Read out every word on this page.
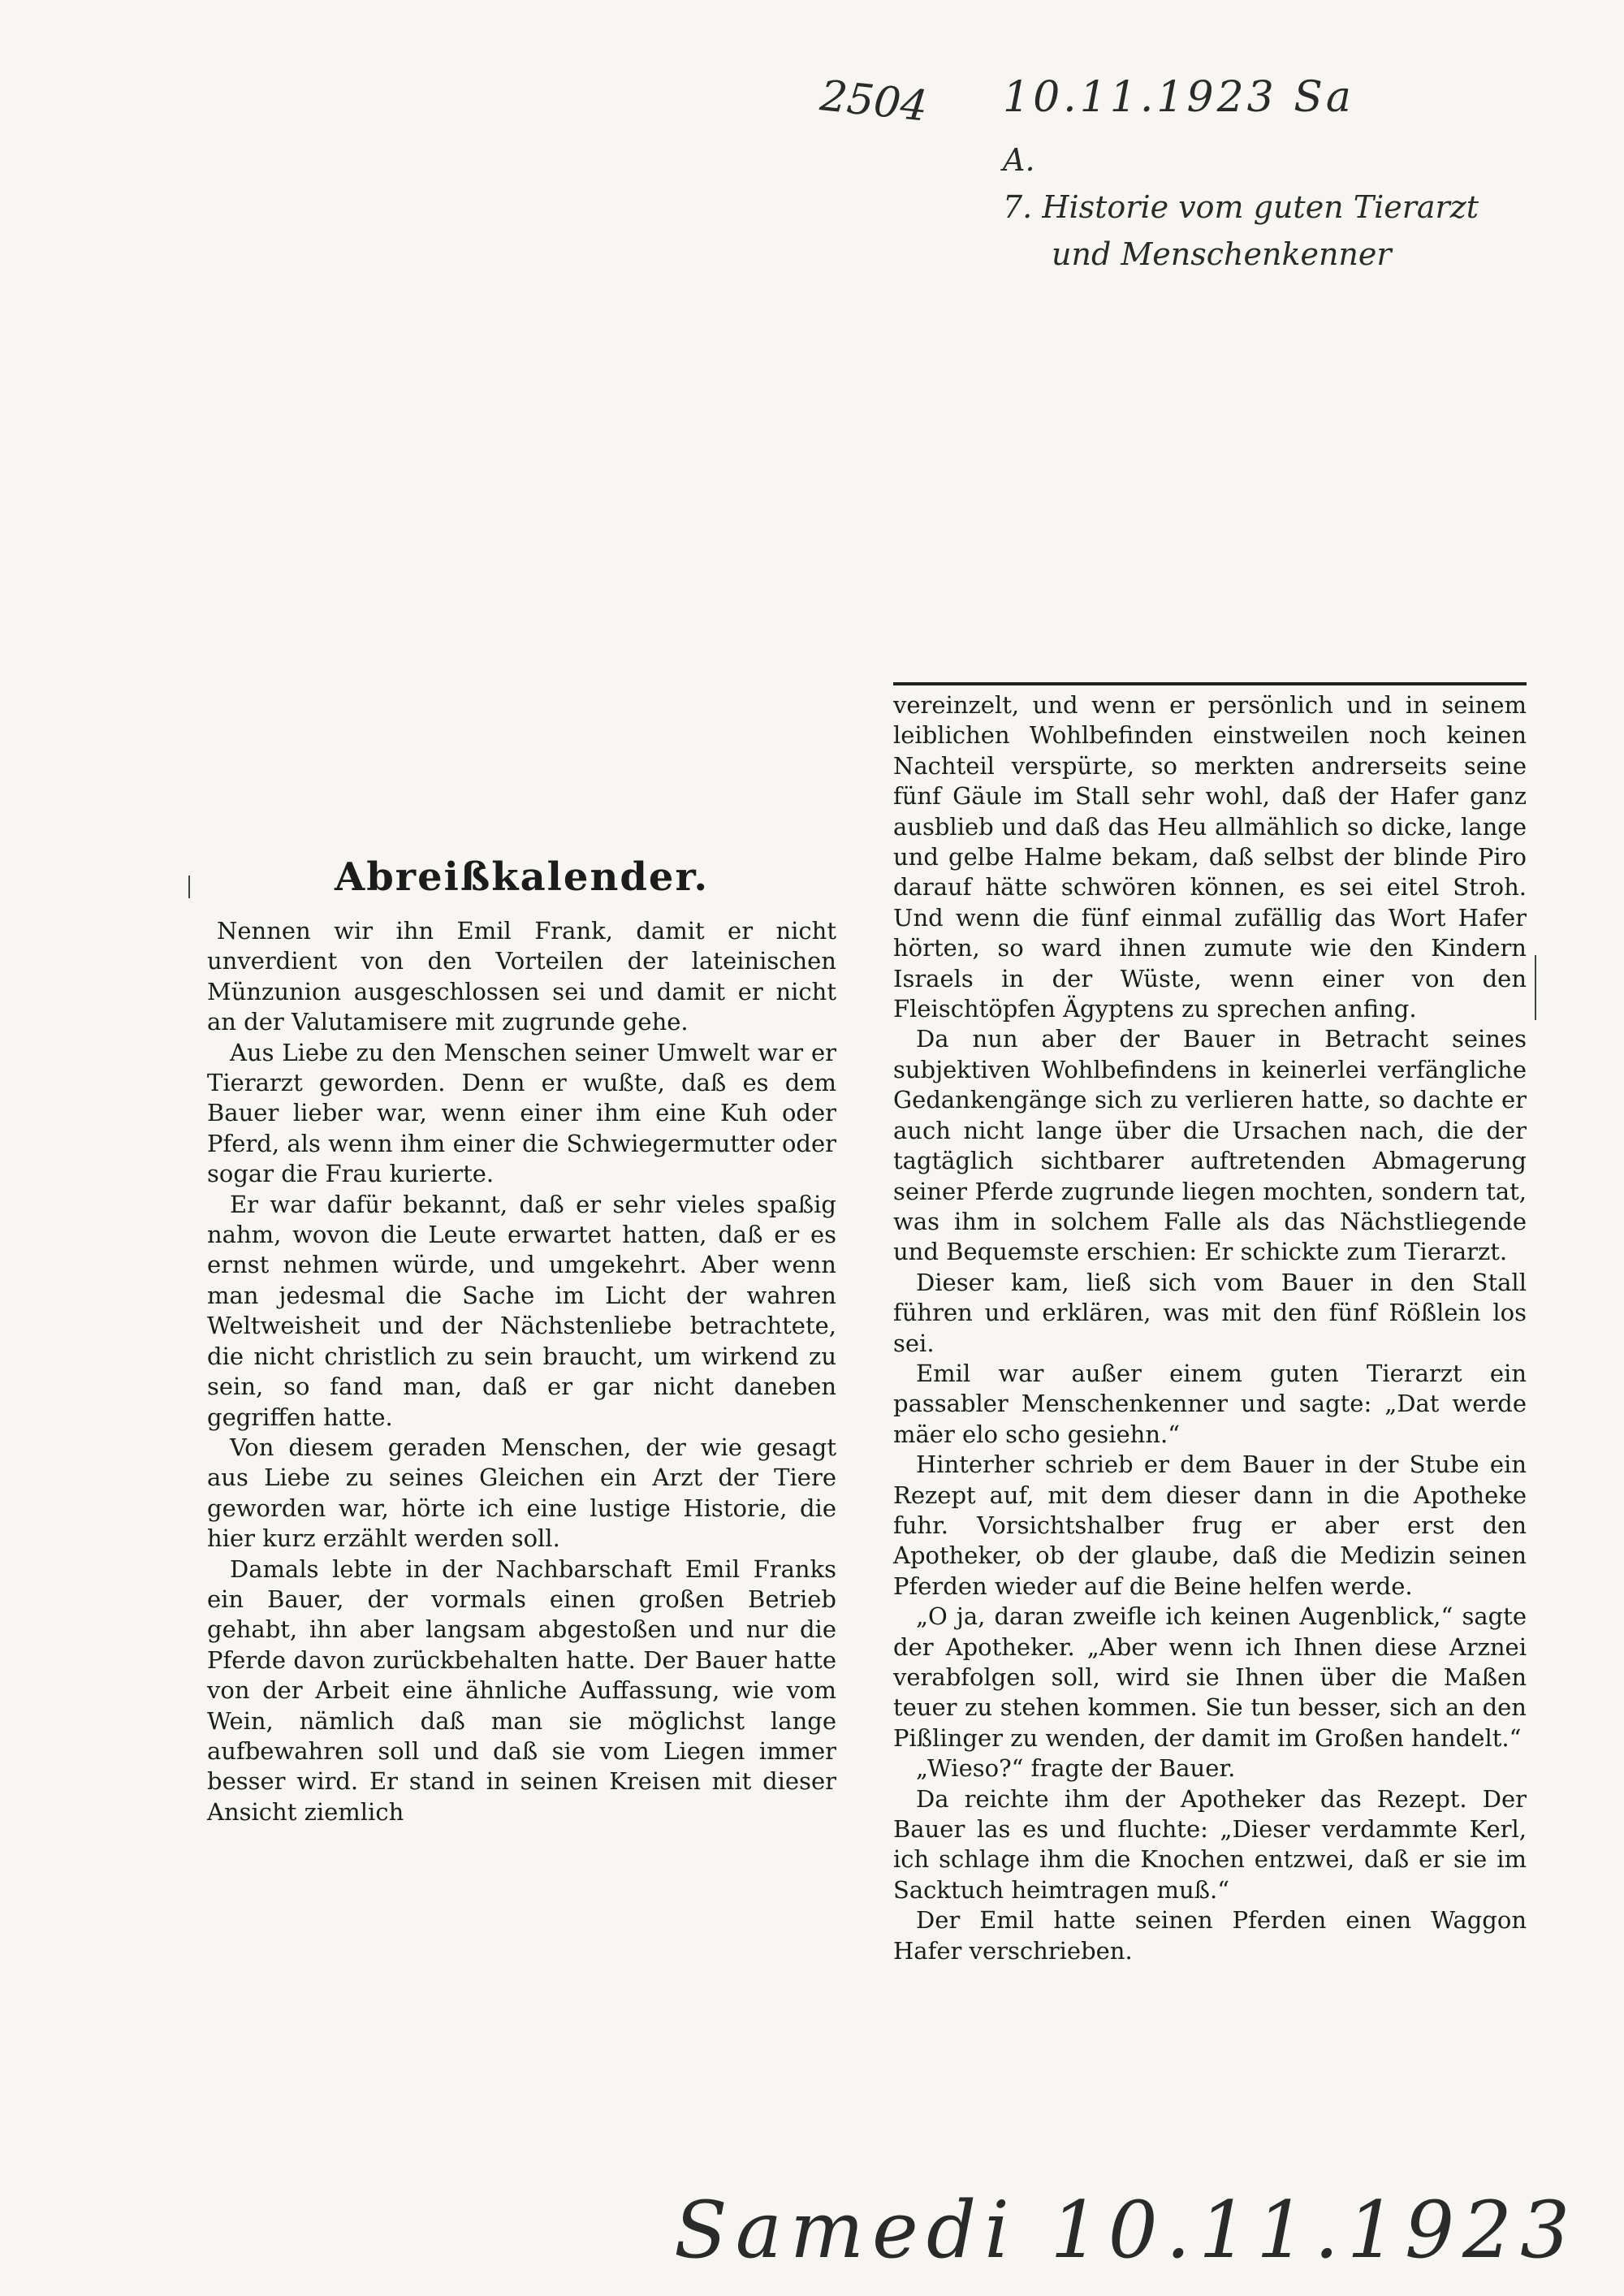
2504 10.11.1923 Sa
A.
7. Historie vom guten Tierarzt
und Menschenkenner
Abreißkalender.

Nennen wir ihn Emil Frank, damit er nicht unverdient von den Vorteilen der lateinischen Münzunion ausgeschlossen sei und damit er nicht an der Valutamisere mit zugrunde gehe.

Aus Liebe zu den Menschen seiner Umwelt war er Tierarzt geworden. Denn er wußte, daß es dem Bauer lieber war, wenn einer ihm eine Kuh oder Pferd, als wenn ihm einer die Schwiegermutter oder sogar die Frau kurierte.

Er war dafür bekannt, daß er sehr vieles spaßig nahm, wovon die Leute erwartet hatten, daß er es ernst nehmen würde, und umgekehrt. Aber wenn man jedesmal die Sache im Licht der wahren Weltweisheit und der Nächstenliebe betrachtete, die nicht christlich zu sein braucht, um wirkend zu sein, so fand man, daß er gar nicht daneben gegriffen hatte.

Von diesem geraden Menschen, der wie gesagt aus Liebe zu seines Gleichen ein Arzt der Tiere geworden war, hörte ich eine lustige Historie, die hier kurz erzählt werden soll.

Damals lebte in der Nachbarschaft Emil Franks ein Bauer, der vormals einen großen Betrieb gehabt, ihn aber langsam abgestoßen und nur die Pferde davon zurückbehalten hatte. Der Bauer hatte von der Arbeit eine ähnliche Auffassung, wie vom Wein, nämlich daß man sie möglichst lange aufbewahren soll und daß sie vom Liegen immer besser wird. Er stand in seinen Kreisen mit dieser Ansicht ziemlich

vereinzelt, und wenn er persönlich und in seinem leiblichen Wohlbefinden einstweilen noch keinen Nachteil verspürte, so merkten andrerseits seine fünf Gäule im Stall sehr wohl, daß der Hafer ganz ausblieb und daß das Heu allmählich so dicke, lange und gelbe Halme bekam, daß selbst der blinde Piro darauf hätte schwören können, es sei eitel Stroh. Und wenn die fünf einmal zufällig das Wort Hafer hörten, so ward ihnen zumute wie den Kindern Israels in der Wüste, wenn einer von den Fleischtöpfen Ägyptens zu sprechen anfing.

Da nun aber der Bauer in Betracht seines subjektiven Wohlbefindens in keinerlei verfängliche Gedankengänge sich zu verlieren hatte, so dachte er auch nicht lange über die Ursachen nach, die der tagtäglich sichtbarer auftretenden Abmagerung seiner Pferde zugrunde liegen mochten, sondern tat, was ihm in solchem Falle als das Nächstliegende und Bequemste erschien: Er schickte zum Tierarzt.

Dieser kam, ließ sich vom Bauer in den Stall führen und erklären, was mit den fünf Rößlein los sei.

Emil war außer einem guten Tierarzt ein passabler Menschenkenner und sagte: „Dat werde mäer elo scho gesiehn.“

Hinterher schrieb er dem Bauer in der Stube ein Rezept auf, mit dem dieser dann in die Apotheke fuhr. Vorsichtshalber frug er aber erst den Apotheker, ob der glaube, daß die Medizin seinen Pferden wieder auf die Beine helfen werde.

„O ja, daran zweifle ich keinen Augenblick,“ sagte der Apotheker. „Aber wenn ich Ihnen diese Arznei verabfolgen soll, wird sie Ihnen über die Maßen teuer zu stehen kommen. Sie tun besser, sich an den Pißlinger zu wenden, der damit im Großen handelt.“

„Wieso?“ fragte der Bauer.

Da reichte ihm der Apotheker das Rezept. Der Bauer las es und fluchte: „Dieser verdammte Kerl, ich schlage ihm die Knochen entzwei, daß er sie im Sacktuch heimtragen muß.“

Der Emil hatte seinen Pferden einen Waggon Hafer verschrieben.

Samedi 10.11.1923
